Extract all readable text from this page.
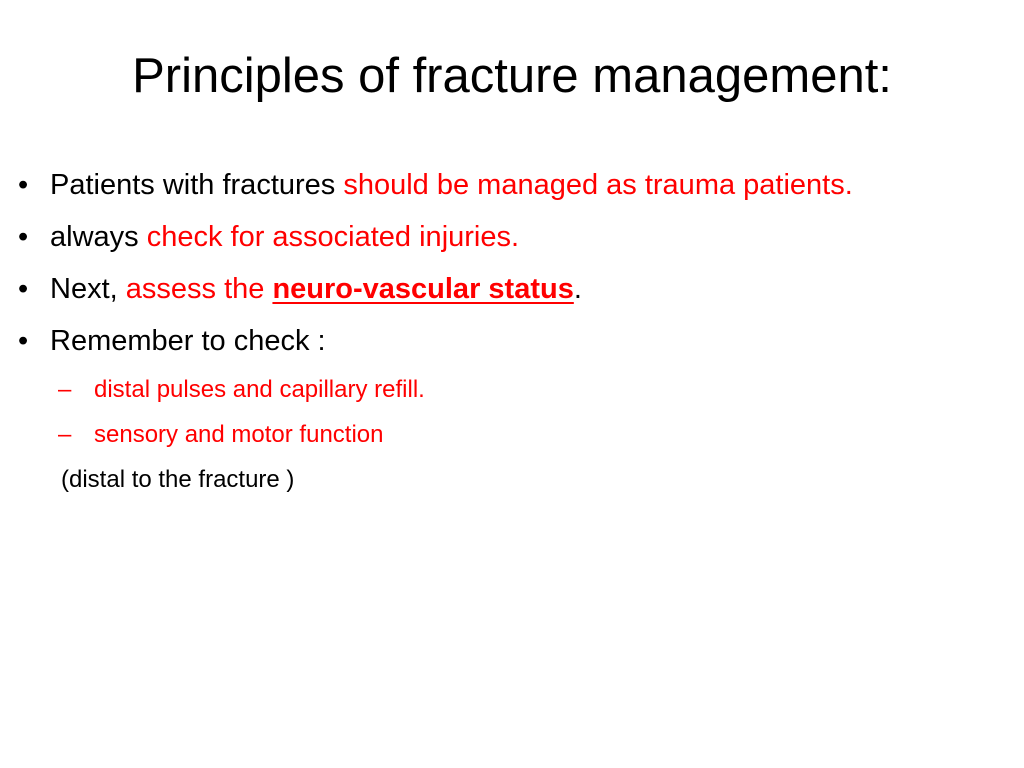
Principles of fracture management:
• Patients with fractures should be managed as trauma patients.
• always check for associated injuries.
• Next, assess the neuro-vascular status.
• Remember to check :
– distal pulses and capillary refill.
– sensory and motor function
(distal to the fracture )
